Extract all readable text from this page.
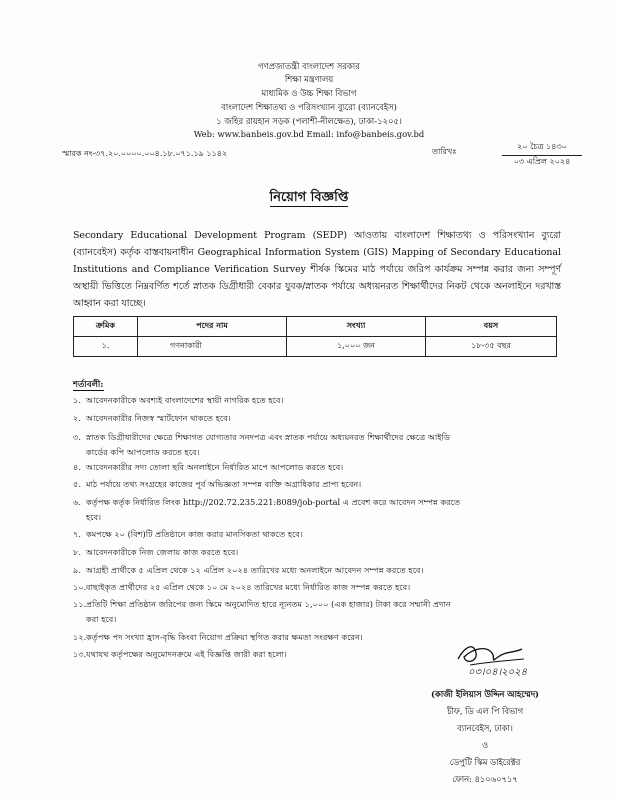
গণপ্রজাতন্ত্রী বাংলাদেশ সরকার
শিক্ষা মন্ত্রণালয়
মাধ্যমিক ও উচ্চ শিক্ষা বিভাগ
বাংলাদেশ শিক্ষাতথ্য ও পরিসংখ্যান ব্যুরো (ব্যানবেইস)
১ জহির রায়হান সড়ক (পলাশী-নীলক্ষেত), ঢাকা-১২০৫।
Web: www.banbeis.gov.bd Email: info@banbeis.gov.bd
স্মারক নং-৩৭.২০.০০০০.০০৪.১৮.০৭১.১৯ ১১৪২	তারিখঃ
২০ চৈত্র ১৪৩০
০৩ এপ্রিল ২০২৪
নিয়োগ বিজ্ঞপ্তি
Secondary Educational Development Program (SEDP) আওতায় বাংলাদেশ শিক্ষাতথ্য ও পরিসংখ্যান ব্যুরো (ব্যানবেইস) কর্তৃক বাস্তবায়নাধীন Geographical Information System (GIS) Mapping of Secondary Educational Institutions and Compliance Verification Survey শীর্ষক স্কিমের মাঠ পর্যায়ে জরিপ কার্যক্রম সম্পন্ন করার জন্য সম্পূর্ণ অস্থায়ী ভিত্তিতে নিম্নবর্ণিত শর্তে স্নাতক ডিগ্রীধারী বেকার যুবক/স্নাতক পর্যায়ে অধ্যয়নরত শিক্ষার্থীদের নিকট থেকে অনলাইনে দরখাস্ত আহ্বান করা যাচ্ছে।
ক্রমিক	পদের নাম	সংখ্যা	বয়স
১.	গণনাকারী	১,০০০ জন	১৮-৩৫ বছর
শর্তাবলী:
১. আবেদনকারীকে অবশ্যই বাংলাদেশের স্থায়ী নাগরিক হতে হবে।
২. আবেদনকারীর নিজস্ব স্মার্টফোন থাকতে হবে।
৩. স্নাতক ডিগ্রীধারীদের ক্ষেত্রে শিক্ষাগত যোগ্যতার সনদপত্র এবং স্নাতক পর্যায়ে অধ্যয়নরত শিক্ষার্থীদের ক্ষেত্রে আইডি
কার্ডের কপি আপলোড করতে হবে।
৪. আবেদনকারীর সদ্য তোলা ছবি অনলাইনে নির্ধারিত মাপে আপলোড করতে হবে।
৫. মাঠ পর্যায়ে তথ্য সংগ্রহের কাজের পূর্ব অভিজ্ঞতা সম্পন্ন ব্যক্তি অগ্রাধিকার প্রাপ্য হবেন।
৬. কর্তৃপক্ষ কর্তৃক নির্ধারিত লিংক http://202.72.235.221:8089/job-portal এ প্রবেশ করে আবেদন সম্পন্ন করতে
হবে।
৭. কমপক্ষে ২০ (বিশ)টি প্রতিষ্ঠানে কাজ করার মানসিকতা থাকতে হবে।
৮. আবেদনকারীকে নিজ জেলায় কাজ করতে হবে।
৯. আগ্রহী প্রার্থীকে ৫ এপ্রিল থেকে ১২ এপ্রিল ২০২৪ তারিখের মধ্যে অনলাইনে আবেদন সম্পন্ন করতে হবে।
১০.বাছাইকৃত প্রার্থীদের ২৫ এপ্রিল থেকে ১০ মে ২০২৪ তারিখের মধ্যে নির্ধারিত কাজ সম্পন্ন করতে হবে।
১১.প্রতিটি শিক্ষা প্রতিষ্ঠান জরিপের জন্য স্কিমে অনুমোদিত হারে ন্যূনতম ১,০০০ (এক হাজার) টাকা করে সম্মানী প্রদান
করা হবে।
১২.কর্তৃপক্ষ পদ সংখ্যা হ্রাস-বৃদ্ধি কিংবা নিয়োগ প্রক্রিয়া স্থগিত করার ক্ষমতা সংরক্ষণ করেন।
১৩.যথাযথ কর্তৃপক্ষের অনুমোদনক্রমে এই বিজ্ঞপ্তি জারী করা হলো।
০৩।০৪।২০২৪
(কাজী ইলিয়াস উদ্দিন আহম্মেদ)
চীফ, ডি এল পি বিভাগ
ব্যানবেইস, ঢাকা।
ও
ডেপুটি স্কিম ডাইরেক্টর
ফোন: ৪১০৬০৭১৭
